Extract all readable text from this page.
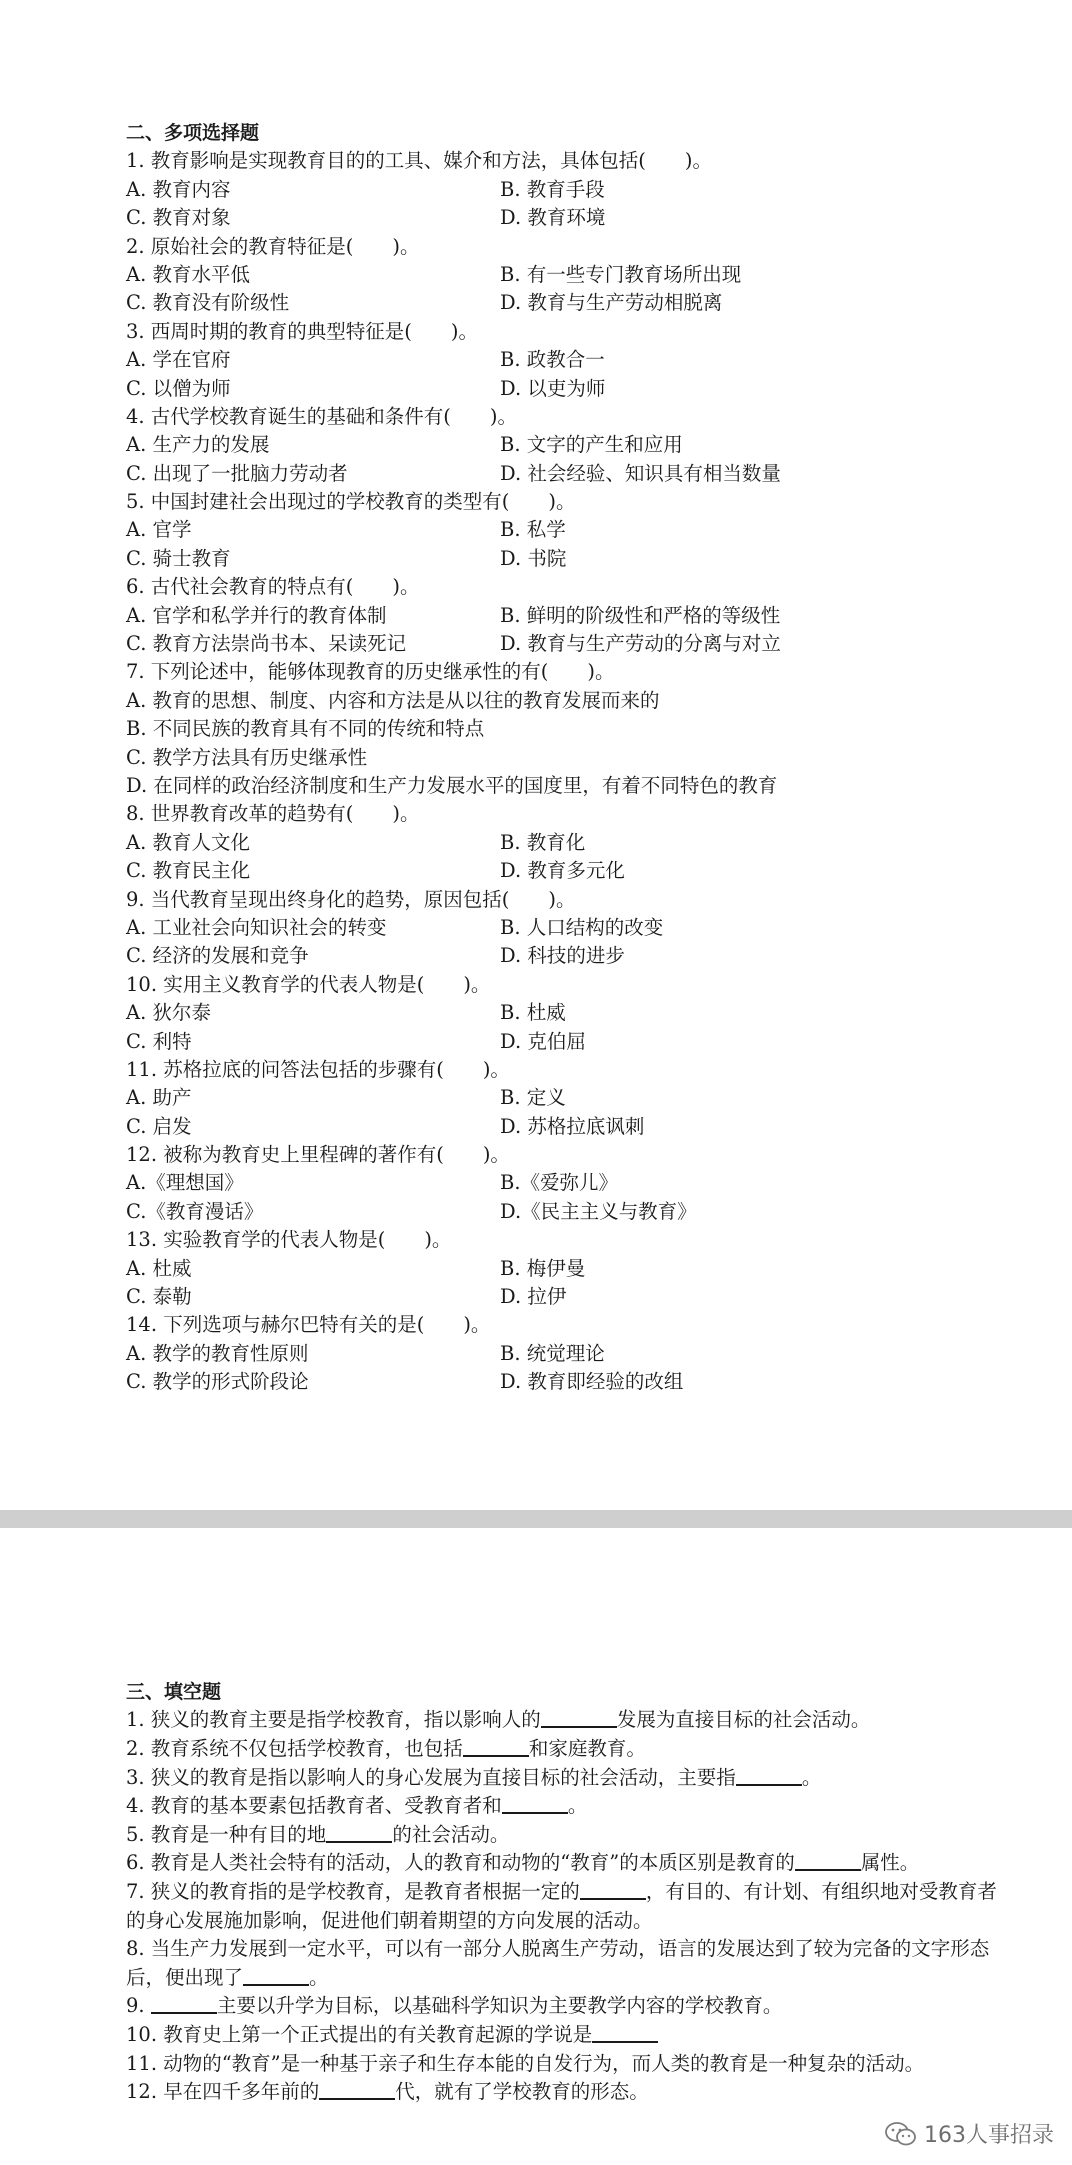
二、多项选择题
1. 教育影响是实现教育目的的工具、媒介和方法，具体包括(　　)。
A. 教育内容	B. 教育手段
C. 教育对象	D. 教育环境
2. 原始社会的教育特征是(　　)。
A. 教育水平低	B. 有一些专门教育场所出现
C. 教育没有阶级性	D. 教育与生产劳动相脱离
3. 西周时期的教育的典型特征是(　　)。
A. 学在官府	B. 政教合一
C. 以僧为师	D. 以吏为师
4. 古代学校教育诞生的基础和条件有(　　)。
A. 生产力的发展	B. 文字的产生和应用
C. 出现了一批脑力劳动者	D. 社会经验、知识具有相当数量
5. 中国封建社会出现过的学校教育的类型有(　　)。
A. 官学	B. 私学
C. 骑士教育	D. 书院
6. 古代社会教育的特点有(　　)。
A. 官学和私学并行的教育体制	B. 鲜明的阶级性和严格的等级性
C. 教育方法崇尚书本、呆读死记	D. 教育与生产劳动的分离与对立
7. 下列论述中，能够体现教育的历史继承性的有(　　)。
A. 教育的思想、制度、内容和方法是从以往的教育发展而来的
B. 不同民族的教育具有不同的传统和特点
C. 教学方法具有历史继承性
D. 在同样的政治经济制度和生产力发展水平的国度里，有着不同特色的教育
8. 世界教育改革的趋势有(　　)。
A. 教育人文化	B. 教育化
C. 教育民主化	D. 教育多元化
9. 当代教育呈现出终身化的趋势，原因包括(　　)。
A. 工业社会向知识社会的转变	B. 人口结构的改变
C. 经济的发展和竞争	D. 科技的进步
10. 实用主义教育学的代表人物是(　　)。
A. 狄尔泰	B. 杜威
C. 利特	D. 克伯屈
11. 苏格拉底的问答法包括的步骤有(　　)。
A. 助产	B. 定义
C. 启发	D. 苏格拉底讽刺
12. 被称为教育史上里程碑的著作有(　　)。
A.《理想国》	B.《爱弥儿》
C.《教育漫话》	D.《民主主义与教育》
13. 实验教育学的代表人物是(　　)。
A. 杜威	B. 梅伊曼
C. 泰勒	D. 拉伊
14. 下列选项与赫尔巴特有关的是(　　)。
A. 教学的教育性原则	B. 统觉理论
C. 教学的形式阶段论	D. 教育即经验的改组
三、填空题

1. 狭义的教育主要是指学校教育，指以影响人的	发展为直接目标的社会活动。

2. 教育系统不仅包括学校教育，也包括	和家庭教育。

3. 狭义的教育是指以影响人的身心发展为直接目标的社会活动，主要指	。

4. 教育的基本要素包括教育者、受教育者和	。

5. 教育是一种有目的地	的社会活动。

6. 教育是人类社会特有的活动，人的教育和动物的“教育”的本质区别是教育的	属性。

7. 狭义的教育指的是学校教育，是教育者根据一定的	，有目的、有计划、有组织地对受教育者的身心发展施加影响，促进他们朝着期望的方向发展的活动。

8. 当生产力发展到一定水平，可以有一部分人脱离生产劳动，语言的发展达到了较为完备的文字形态后，便出现了	。

9.	主要以升学为目标，以基础科学知识为主要教学内容的学校教育。

10. 教育史上第一个正式提出的有关教育起源的学说是

11. 动物的“教育”是一种基于亲子和生存本能的自发行为，而人类的教育是一种复杂的活动。

12. 早在四千多年前的	代，就有了学校教育的形态。

163人事招录
